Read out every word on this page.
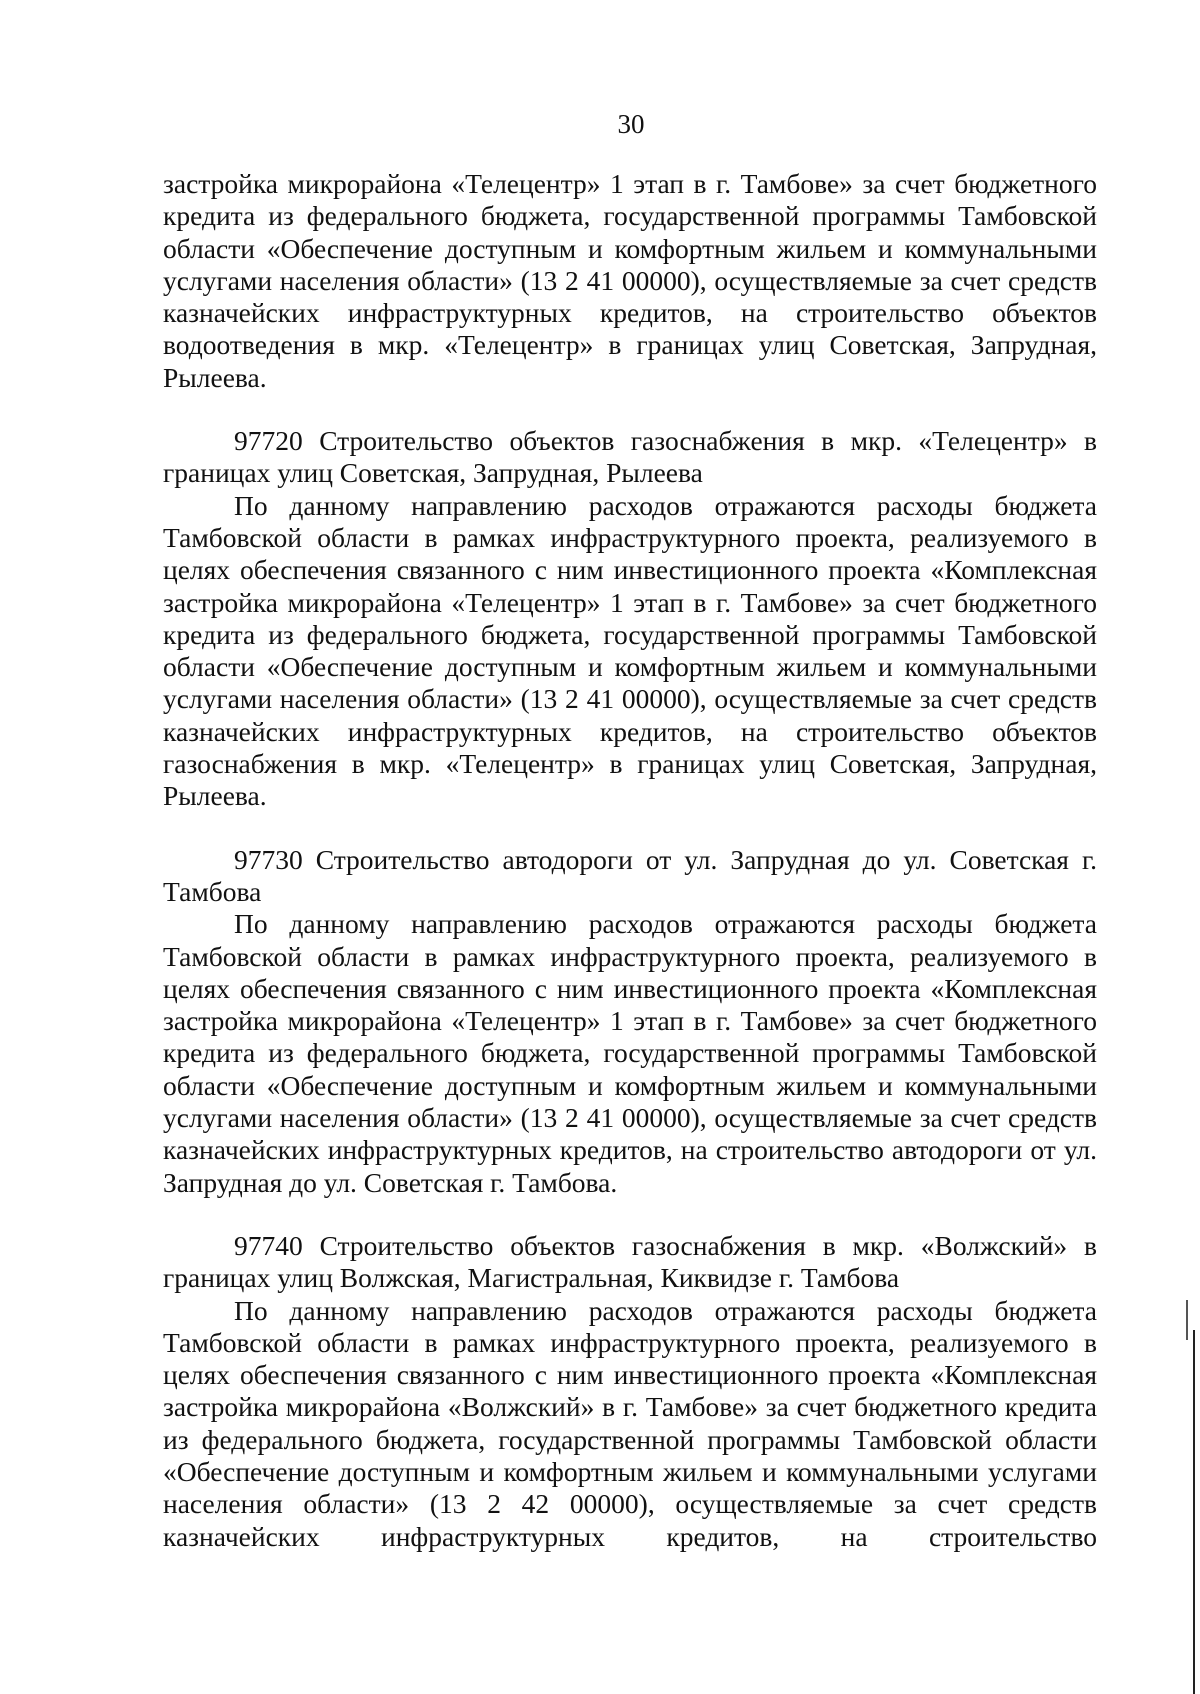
30

застройка микрорайона «Телецентр» 1 этап в г. Тамбове» за счет бюджетного кредита из федерального бюджета, государственной программы Тамбовской области «Обеспечение доступным и комфортным жильем и коммунальными услугами населения области» (13 2 41 00000), осуществляемые за счет средств казначейских инфраструктурных кредитов, на строительство объектов водоотведения в мкр. «Телецентр» в границах улиц Советская, Запрудная, Рылеева.

97720 Строительство объектов газоснабжения в мкр. «Телецентр» в границах улиц Советская, Запрудная, Рылеева

По данному направлению расходов отражаются расходы бюджета Тамбовской области в рамках инфраструктурного проекта, реализуемого в целях обеспечения связанного с ним инвестиционного проекта «Комплексная застройка микрорайона «Телецентр» 1 этап в г. Тамбове» за счет бюджетного кредита из федерального бюджета, государственной программы Тамбовской области «Обеспечение доступным и комфортным жильем и коммунальными услугами населения области» (13 2 41 00000), осуществляемые за счет средств казначейских инфраструктурных кредитов, на строительство объектов газоснабжения в мкр. «Телецентр» в границах улиц Советская, Запрудная, Рылеева.

97730 Строительство автодороги от ул. Запрудная до ул. Советская г. Тамбова

По данному направлению расходов отражаются расходы бюджета Тамбовской области в рамках инфраструктурного проекта, реализуемого в целях обеспечения связанного с ним инвестиционного проекта «Комплексная застройка микрорайона «Телецентр» 1 этап в г. Тамбове» за счет бюджетного кредита из федерального бюджета, государственной программы Тамбовской области «Обеспечение доступным и комфортным жильем и коммунальными услугами населения области» (13 2 41 00000), осуществляемые за счет средств казначейских инфраструктурных кредитов, на строительство автодороги от ул. Запрудная до ул. Советская г. Тамбова.

97740 Строительство объектов газоснабжения в мкр. «Волжский» в границах улиц Волжская, Магистральная, Киквидзе г. Тамбова

По данному направлению расходов отражаются расходы бюджета Тамбовской области в рамках инфраструктурного проекта, реализуемого в целях обеспечения связанного с ним инвестиционного проекта «Комплексная застройка микрорайона «Волжский» в г. Тамбове» за счет бюджетного кредита из федерального бюджета, государственной программы Тамбовской области «Обеспечение доступным и комфортным жильем и коммунальными услугами населения области» (13 2 42 00000), осуществляемые за счет средств казначейских инфраструктурных кредитов, на строительство
